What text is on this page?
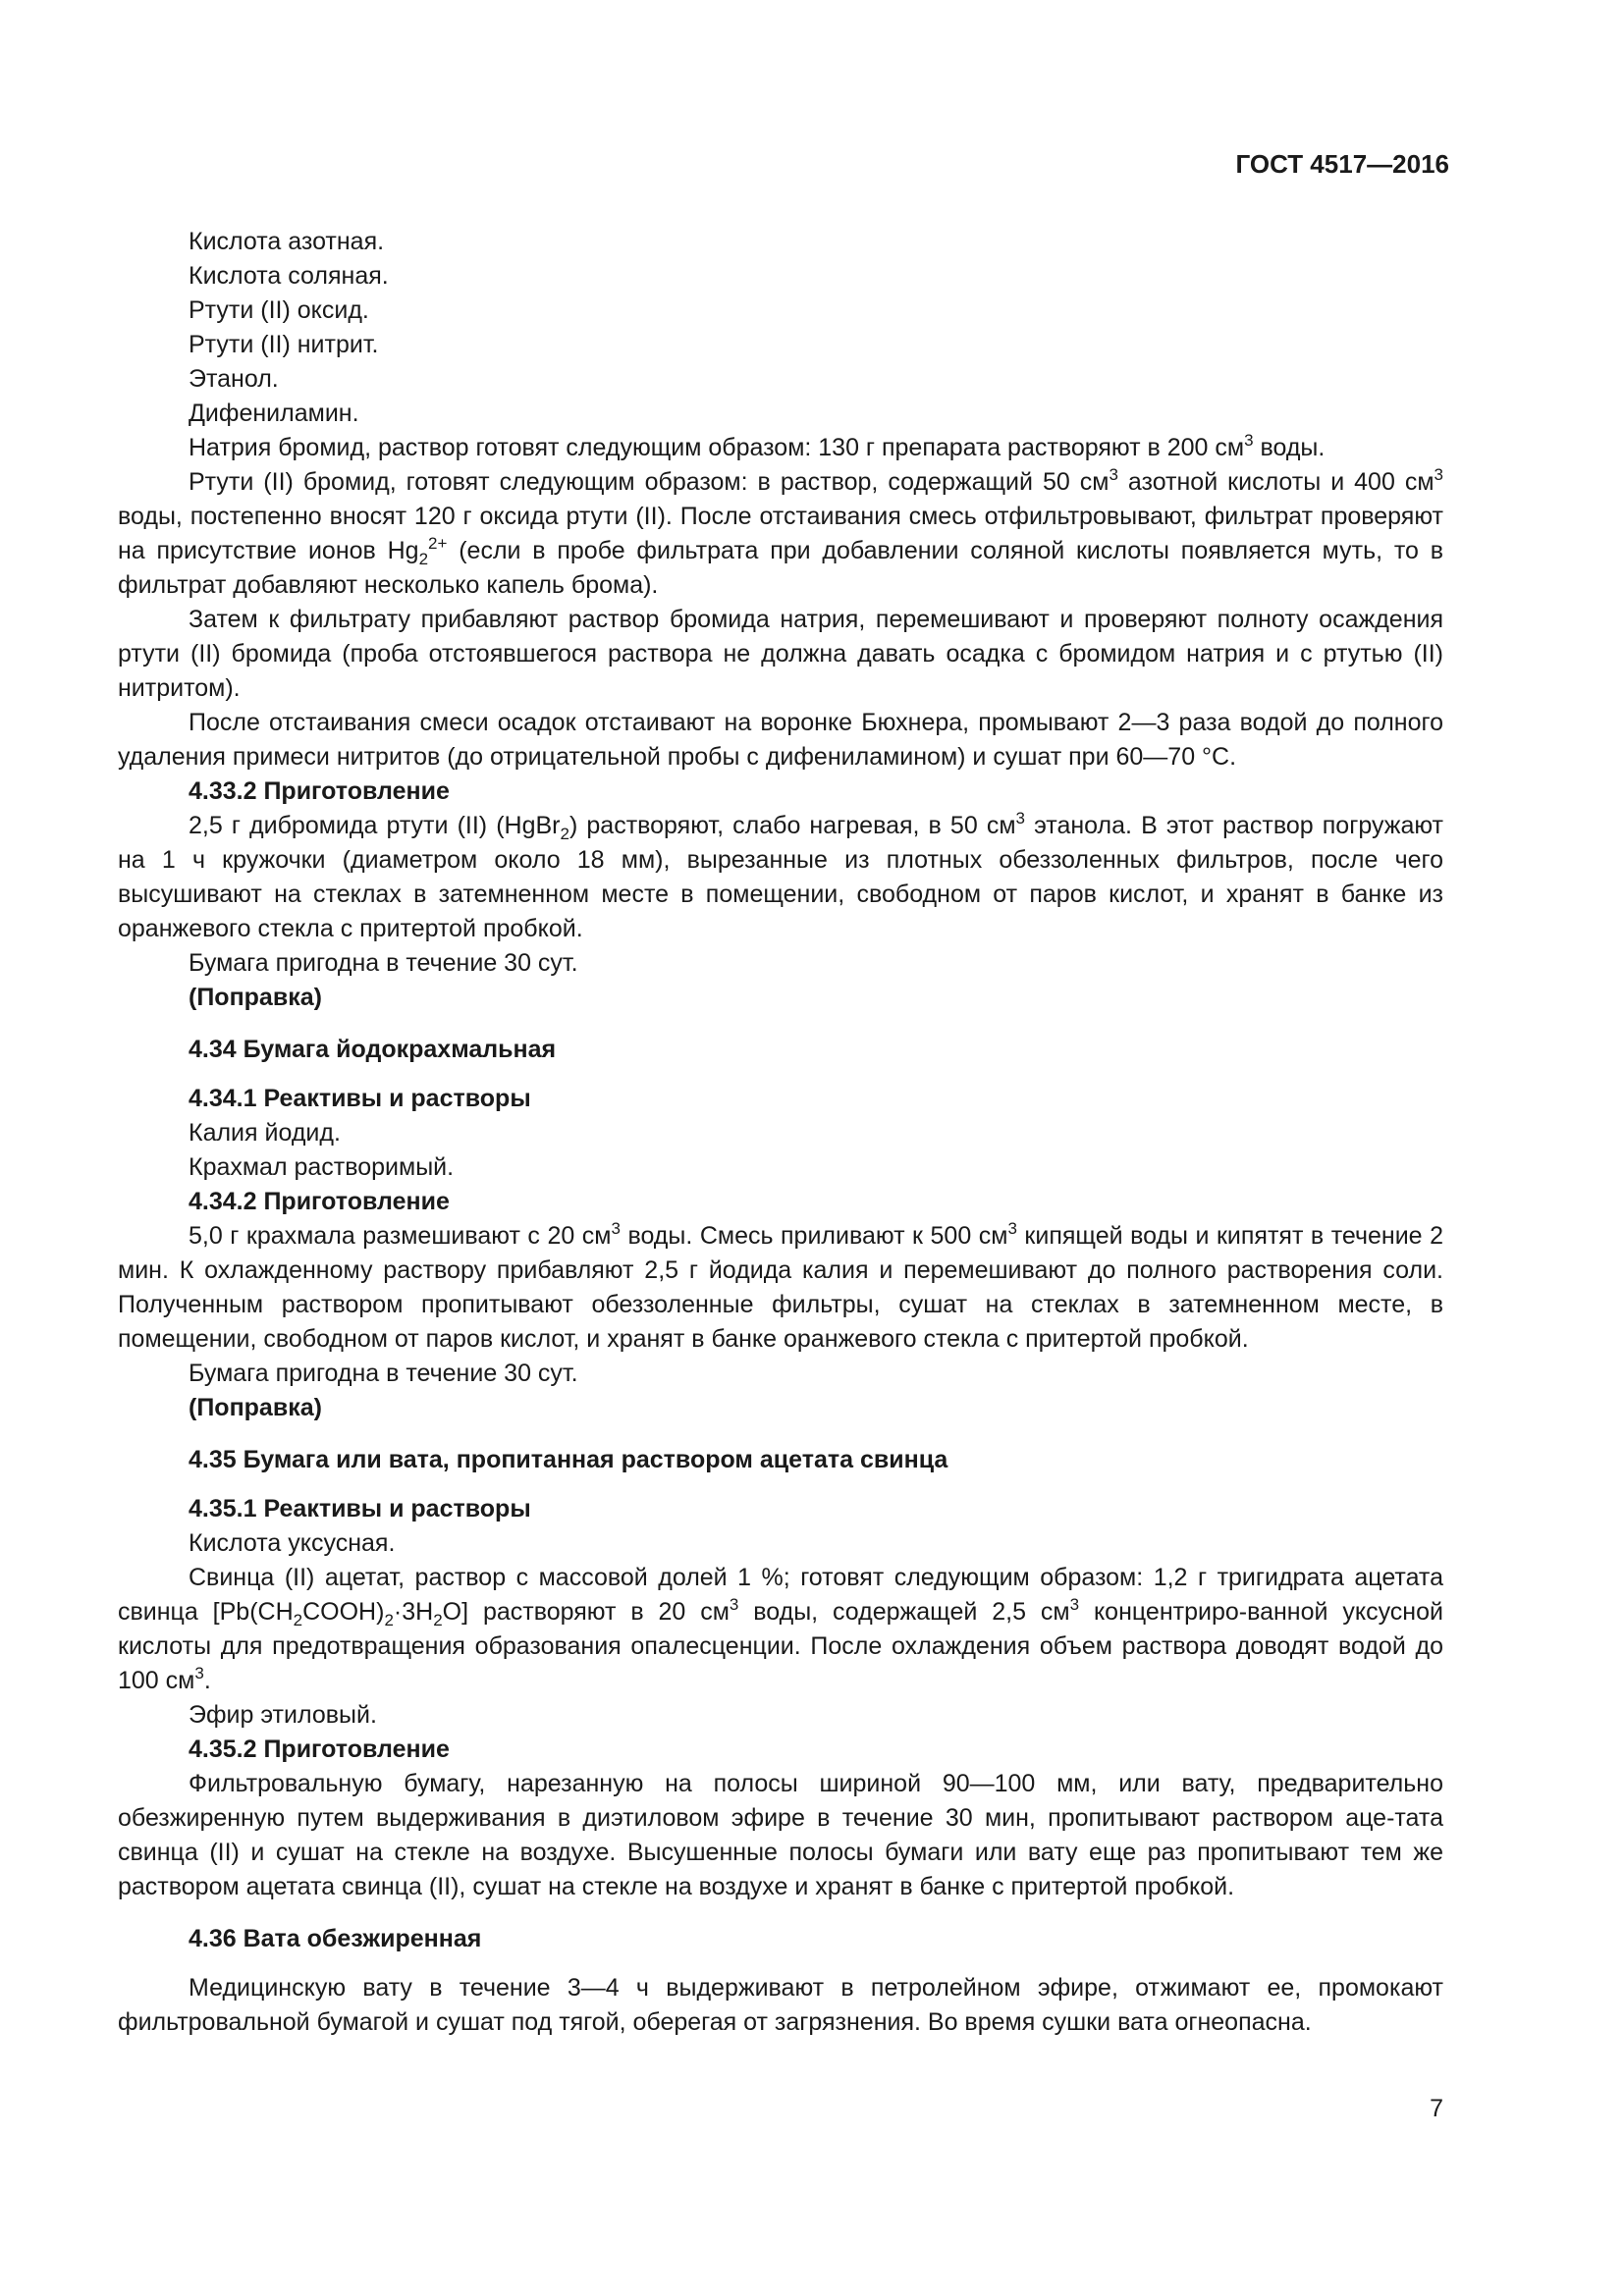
ГОСТ 4517—2016

Кислота азотная.

Кислота соляная.

Ртути (II) оксид.

Ртути (II) нитрит.

Этанол.

Дифениламин.

Натрия бромид, раствор готовят следующим образом: 130 г препарата растворяют в 200 $см^3$ воды.

Ртути (II) бромид, готовят следующим образом: в раствор, содержащий 50 $см^3$ азотной кислоты и 400 $см^3$ воды, постепенно вносят 120 г оксида ртути (II). После отстаивания смесь отфильтровывают, фильтрат проверяют на присутствие ионов $Hg_2^{2+}$ (если в пробе фильтрата при добавлении соляной кислоты появляется муть, то в фильтрат добавляют несколько капель брома).

Затем к фильтрату прибавляют раствор бромида натрия, перемешивают и проверяют полноту осаждения ртути (II) бромида (проба отстоявшегося раствора не должна давать осадка с бромидом натрия и с ртутью (II) нитритом).

После отстаивания смеси осадок отстаивают на воронке Бюхнера, промывают 2—3 раза водой до полного удаления примеси нитритов (до отрицательной пробы с дифениламином) и сушат при 60—70 °С.

4.33.2 Приготовление

2,5 г дибромида ртути (II) (HgBr$_2$) растворяют, слабо нагревая, в 50 $см^3$ этанола. В этот раствор погружают на 1 ч кружочки (диаметром около 18 мм), вырезанные из плотных обеззоленных фильтров, после чего высушивают на стеклах в затемненном месте в помещении, свободном от паров кислот, и хранят в банке из оранжевого стекла с притертой пробкой.

Бумага пригодна в течение 30 сут.

(Поправка)

4.34 Бумага йодокрахмальная

4.34.1 Реактивы и растворы

Калия йодид.

Крахмал растворимый.

4.34.2 Приготовление

5,0 г крахмала размешивают с 20 $см^3$ воды. Смесь приливают к 500 $см^3$ кипящей воды и кипятят в течение 2 мин. К охлажденному раствору прибавляют 2,5 г йодида калия и перемешивают до полного растворения соли. Полученным раствором пропитывают обеззоленные фильтры, сушат на стеклах в затемненном месте, в помещении, свободном от паров кислот, и хранят в банке оранжевого стекла с притертой пробкой.

Бумага пригодна в течение 30 сут.

(Поправка)

4.35 Бумага или вата, пропитанная раствором ацетата свинца

4.35.1 Реактивы и растворы

Кислота уксусная.

Свинца (II) ацетат, раствор с массовой долей 1 %; готовят следующим образом: 1,2 г тригидрата ацетата свинца $[Pb(CH_2COOH)_2\cdot 3H_2O]$ растворяют в 20 $см^3$ воды, содержащей 2,5 $см^3$ концентриро-ванной уксусной кислоты для предотвращения образования опалесценции. После охлаждения объем раствора доводят водой до 100 $см^3$.

Эфир этиловый.

4.35.2 Приготовление

Фильтровальную бумагу, нарезанную на полосы шириной 90—100 мм, или вату, предварительно обезжиренную путем выдерживания в диэтиловом эфире в течение 30 мин, пропитывают раствором аце-тата свинца (II) и сушат на стекле на воздухе. Высушенные полосы бумаги или вату еще раз пропитывают тем же раствором ацетата свинца (II), сушат на стекле на воздухе и хранят в банке с притертой пробкой.

4.36 Вата обезжиренная

Медицинскую вату в течение 3—4 ч выдерживают в петролейном эфире, отжимают ее, промокают фильтровальной бумагой и сушат под тягой, оберегая от загрязнения. Во время сушки вата огнеопасна.

7
